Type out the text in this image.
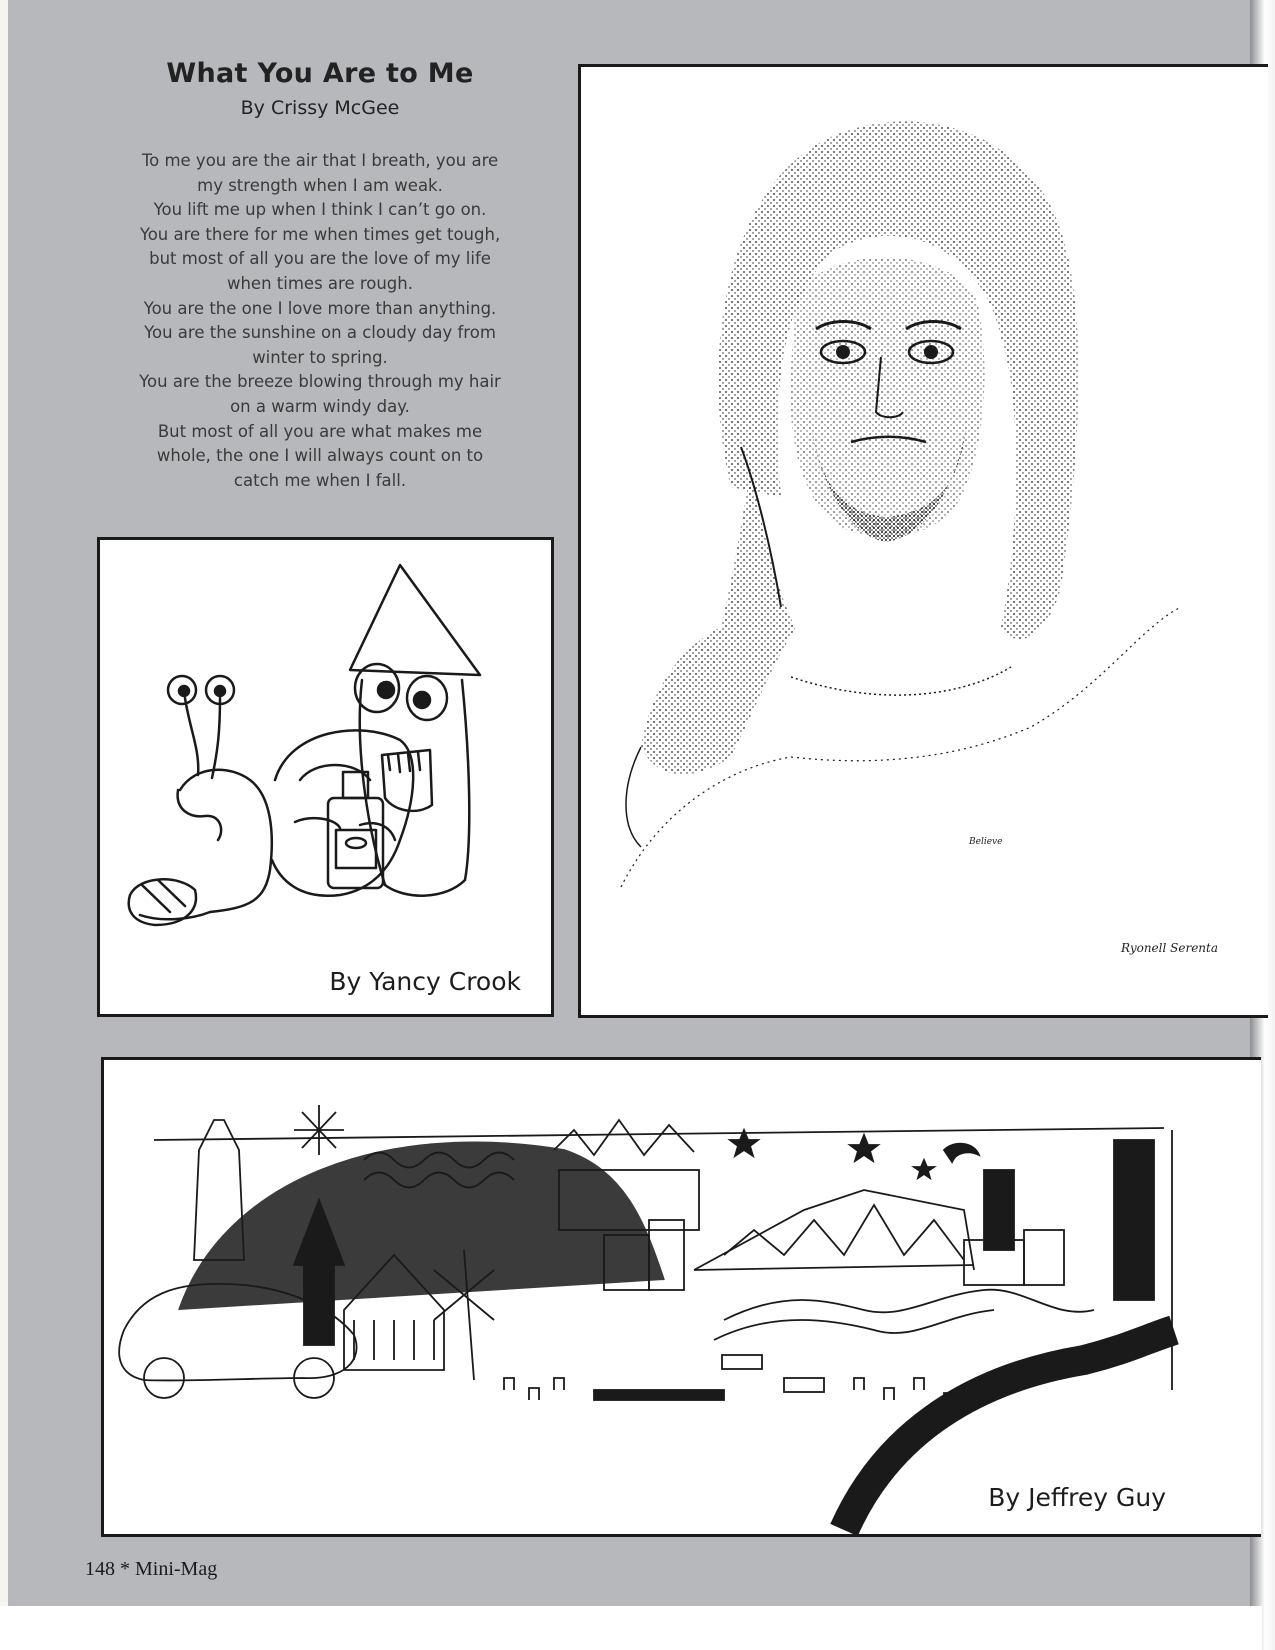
What You Are to Me
By Crissy McGee
To me you are the air that I breath, you are
my strength when I am weak.
You lift me up when I think I can’t go on.
You are there for me when times get tough,
but most of all you are the love of my life
when times are rough.
You are the one I love more than anything.
You are the sunshine on a cloudy day from
winter to spring.
You are the breeze blowing through my hair
on a warm windy day.
But most of all you are what makes me
whole, the one I will always count on to
catch me when I fall.
By Yancy Crook
Believe
Ryonell Serenta
By Jeffrey Guy
148 * Mini-Mag
